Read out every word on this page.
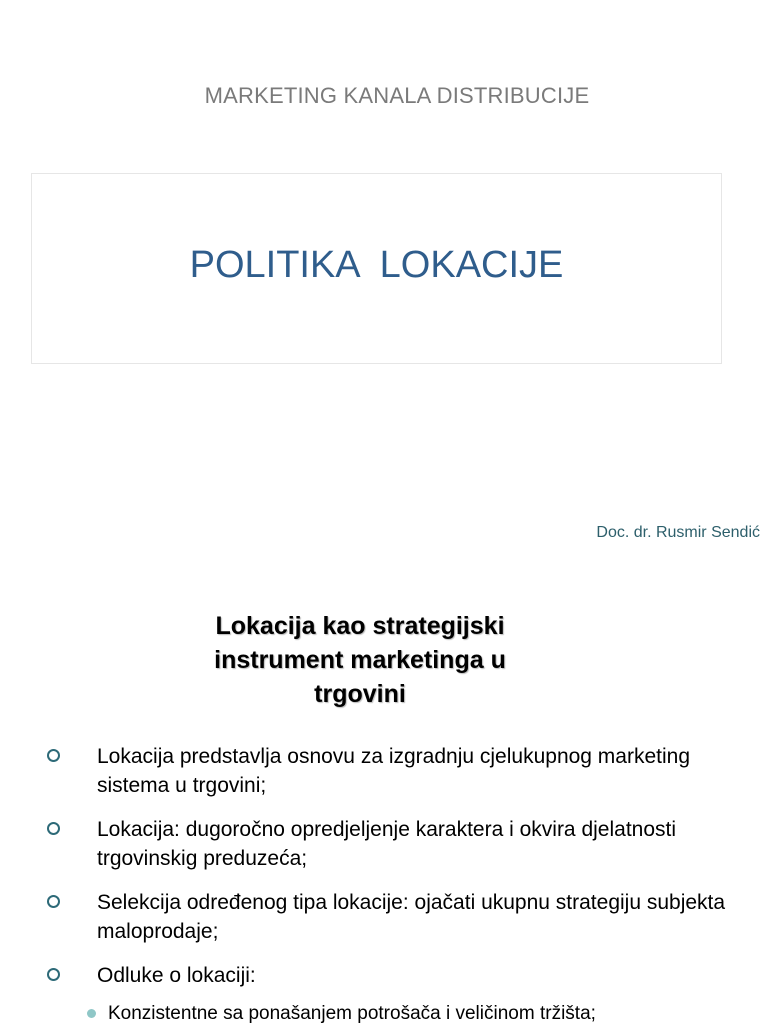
MARKETING KANALA DISTRIBUCIJE
POLITIKA  LOKACIJE
Doc. dr. Rusmir Sendić
Lokacija kao strategijski
instrument marketinga u
trgovini
Lokacija predstavlja osnovu za izgradnju cjelukupnog marketing sistema u trgovini;
Lokacija: dugoročno opredjeljenje karaktera i okvira djelatnosti trgovinskig preduzeća;
Selekcija određenog tipa lokacije: ojačati ukupnu strategiju subjekta maloprodaje;
Odluke o lokaciji:
Konzistentne sa ponašanjem potrošača i veličinom tržišta;
